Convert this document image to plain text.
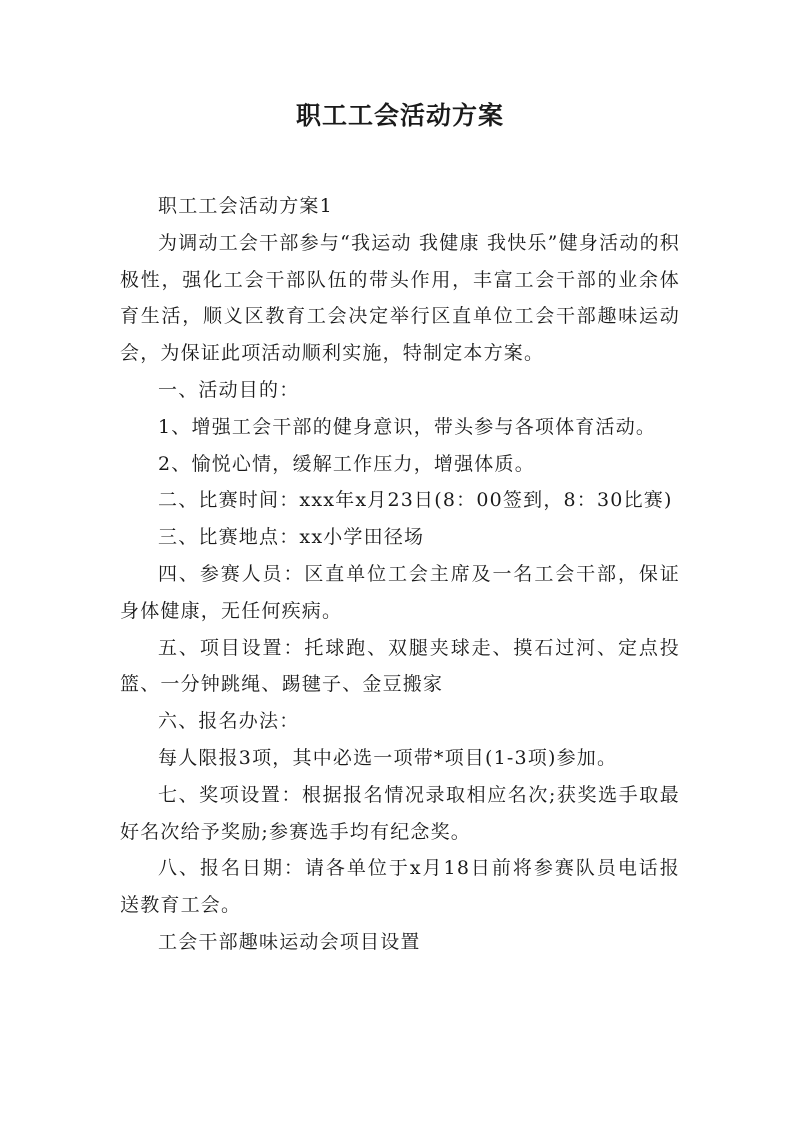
职工工会活动方案

职工工会活动方案1

为调动工会干部参与“我运动 我健康 我快乐”健身活动的积极性，强化工会干部队伍的带头作用，丰富工会干部的业余体育生活，顺义区教育工会决定举行区直单位工会干部趣味运动会，为保证此项活动顺利实施，特制定本方案。

一、活动目的：

1、增强工会干部的健身意识，带头参与各项体育活动。

2、愉悦心情，缓解工作压力，增强体质。

二、比赛时间：xxx年x月23日(8：00签到，8：30比赛)

三、比赛地点：xx小学田径场

四、参赛人员：区直单位工会主席及一名工会干部，保证身体健康，无任何疾病。

五、项目设置：托球跑、双腿夹球走、摸石过河、定点投篮、一分钟跳绳、踢毽子、金豆搬家

六、报名办法：

每人限报3项，其中必选一项带*项目(1-3项)参加。

七、奖项设置：根据报名情况录取相应名次;获奖选手取最好名次给予奖励;参赛选手均有纪念奖。

八、报名日期：请各单位于x月18日前将参赛队员电话报送教育工会。

工会干部趣味运动会项目设置
